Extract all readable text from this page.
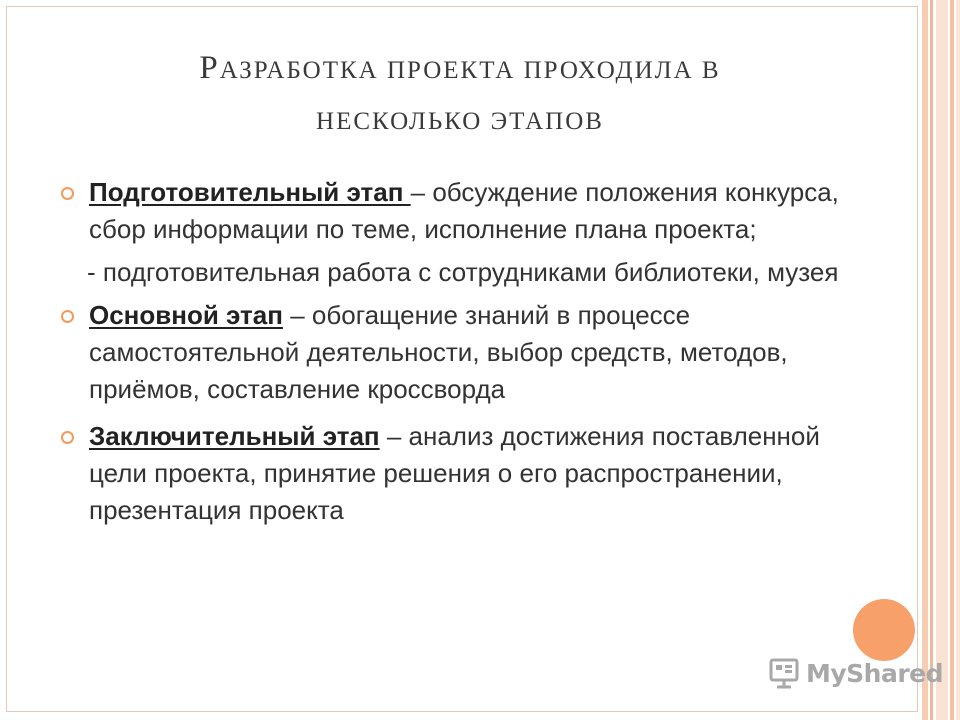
РАЗРАБОТКА ПРОЕКТА ПРОХОДИЛА В
НЕСКОЛЬКО ЭТАПОВ
Подготовительный этап – обсуждение положения конкурса, сбор информации по теме, исполнение плана проекта;
- подготовительная работа с сотрудниками библиотеки, музея
Основной этап – обогащение знаний в процессе самостоятельной деятельности, выбор средств, методов, приёмов, составление кроссворда
Заключительный этап – анализ достижения поставленной цели проекта, принятие решения о его распространении, презентация проекта
MyShared
